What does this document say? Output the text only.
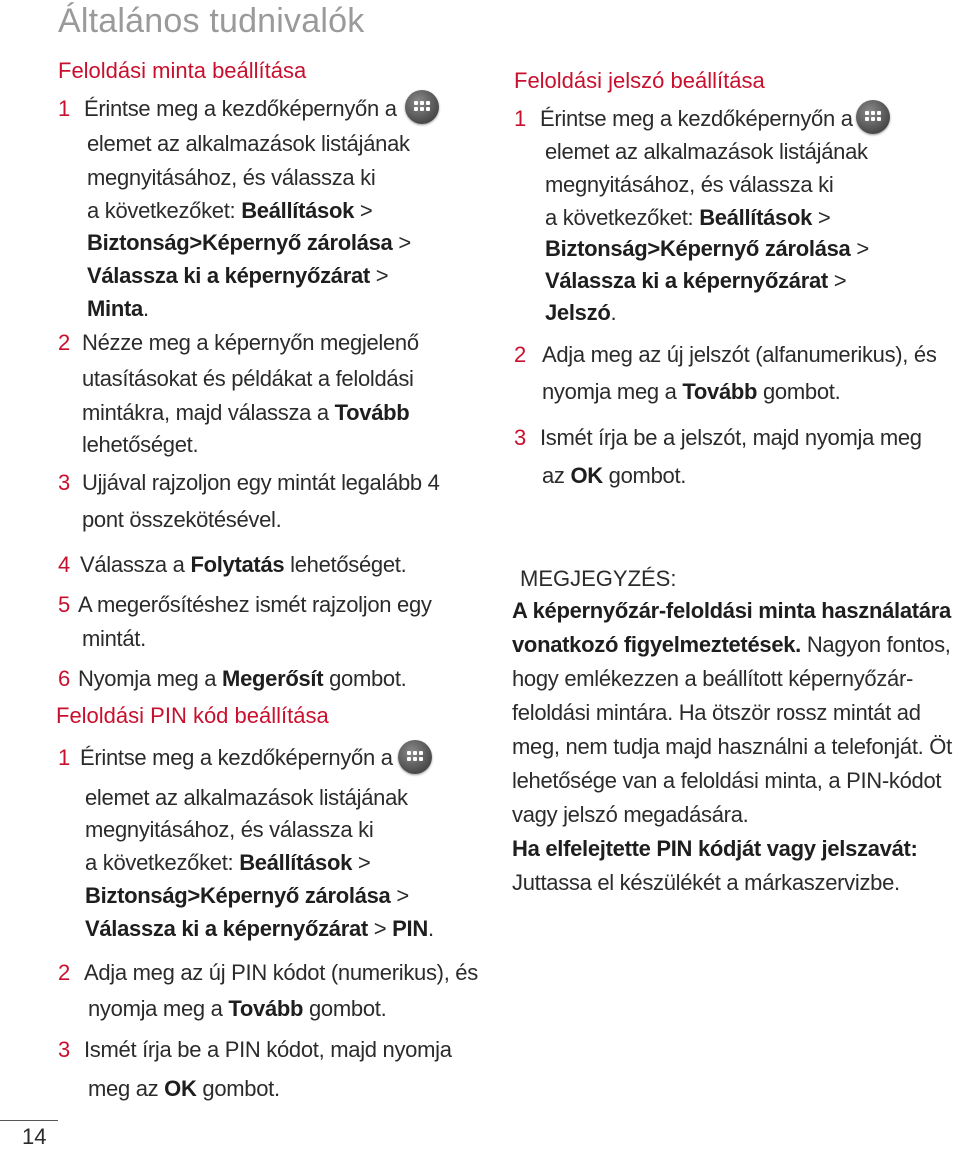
Általános tudnivalók
Feloldási minta beállítása
1 Érintse meg a kezdőképernyőn a
elemet az alkalmazások listájának
megnyitásához, és válassza ki
a következőket: Beállítások >
Biztonság>Képernyő zárolása >
Válassza ki a képernyőzárat >
Minta.
2 Nézze meg a képernyőn megjelenő
utasításokat és példákat a feloldási
mintákra, majd válassza a Tovább
lehetőséget.
3 Ujjával rajzoljon egy mintát legalább 4
pont összekötésével.
4 Válassza a Folytatás lehetőséget.
5 A megerősítéshez ismét rajzoljon egy
mintát.
6 Nyomja meg a Megerősít gombot.
Feloldási PIN kód beállítása
1 Érintse meg a kezdőképernyőn a
elemet az alkalmazások listájának
megnyitásához, és válassza ki
a következőket: Beállítások >
Biztonság>Képernyő zárolása >
Válassza ki a képernyőzárat > PIN.
2 Adja meg az új PIN kódot (numerikus), és
nyomja meg a Tovább gombot.
3 Ismét írja be a PIN kódot, majd nyomja
meg az OK gombot.
Feloldási jelszó beállítása
1 Érintse meg a kezdőképernyőn a
elemet az alkalmazások listájának
megnyitásához, és válassza ki
a következőket: Beállítások >
Biztonság>Képernyő zárolása >
Válassza ki a képernyőzárat >
Jelszó.
2 Adja meg az új jelszót (alfanumerikus), és
nyomja meg a Tovább gombot.
3 Ismét írja be a jelszót, majd nyomja meg
az OK gombot.
MEGJEGYZÉS:
A képernyőzár-feloldási minta használatára
vonatkozó figyelmeztetések. Nagyon fontos,
hogy emlékezzen a beállított képernyőzár-
feloldási mintára. Ha ötször rossz mintát ad
meg, nem tudja majd használni a telefonját. Öt
lehetősége van a feloldási minta, a PIN-kódot
vagy jelszó megadására.
Ha elfelejtette PIN kódját vagy jelszavát:
Juttassa el készülékét a márkaszervizbe.
14
